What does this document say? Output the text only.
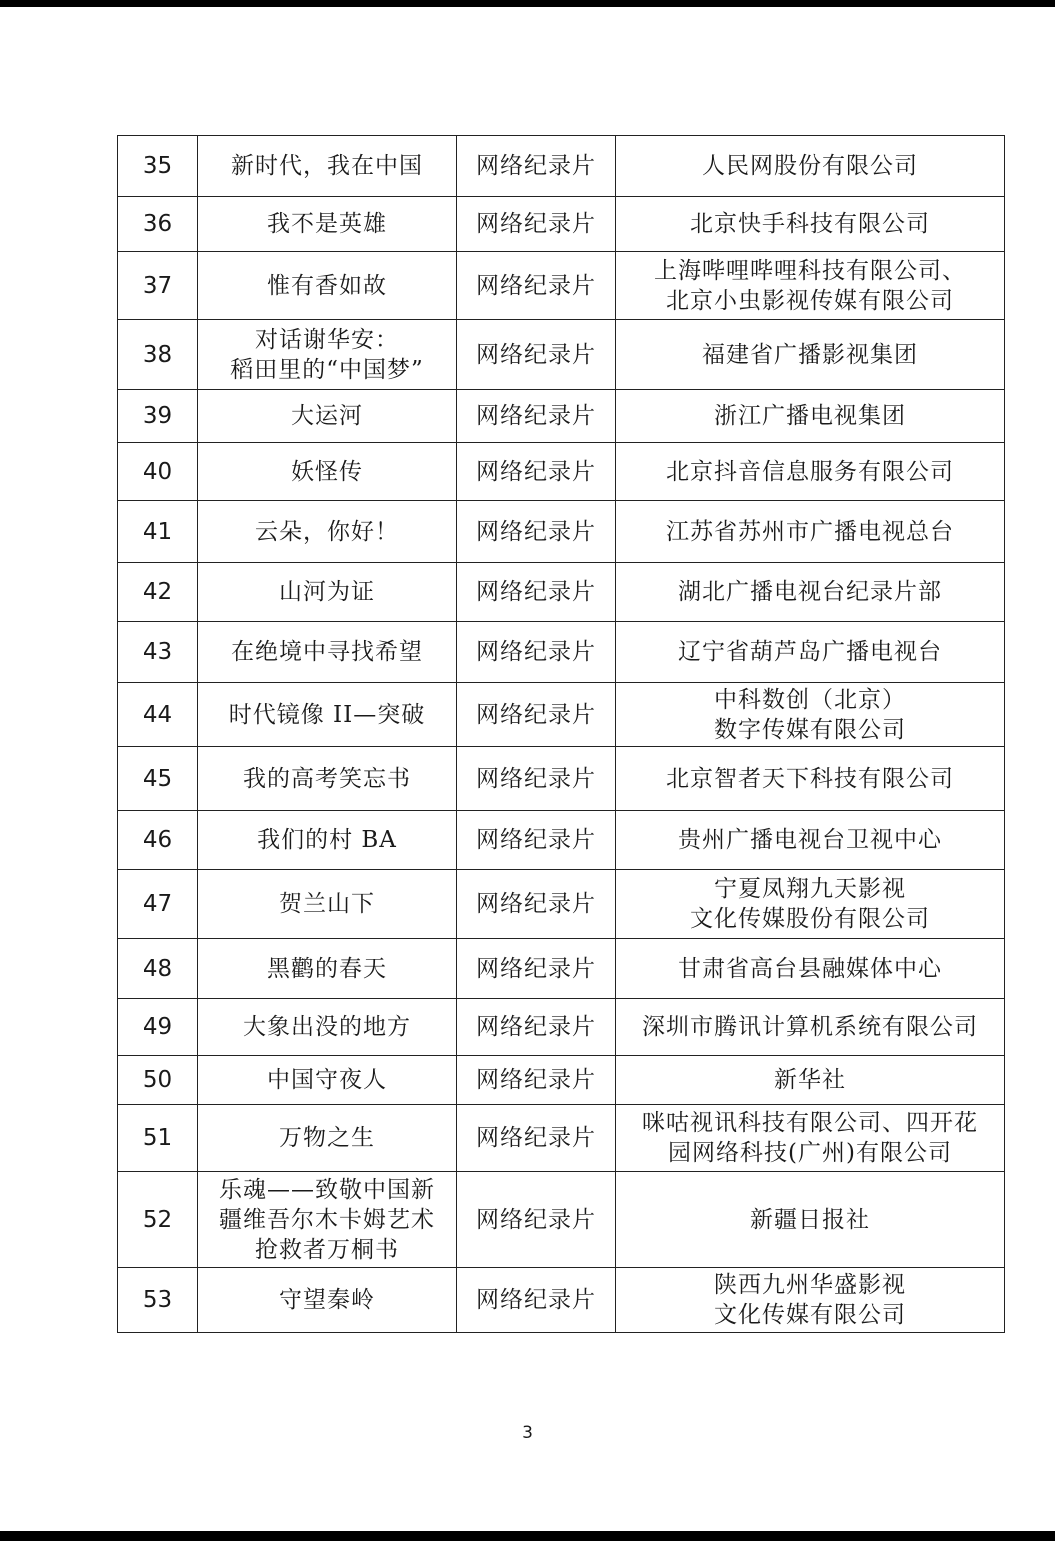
35	新时代，我在中国	网络纪录片	人民网股份有限公司
36	我不是英雄	网络纪录片	北京快手科技有限公司
37	惟有香如故	网络纪录片	上海哔哩哔哩科技有限公司、
北京小虫影视传媒有限公司
38	对话谢华安：
稻田里的“中国梦”	网络纪录片	福建省广播影视集团
39	大运河	网络纪录片	浙江广播电视集团
40	妖怪传	网络纪录片	北京抖音信息服务有限公司
41	云朵，你好！	网络纪录片	江苏省苏州市广播电视总台
42	山河为证	网络纪录片	湖北广播电视台纪录片部
43	在绝境中寻找希望	网络纪录片	辽宁省葫芦岛广播电视台
44	时代镜像 II—突破	网络纪录片	中科数创（北京）
数字传媒有限公司
45	我的高考笑忘书	网络纪录片	北京智者天下科技有限公司
46	我们的村 BA	网络纪录片	贵州广播电视台卫视中心
47	贺兰山下	网络纪录片	宁夏凤翔九天影视
文化传媒股份有限公司
48	黑鹳的春天	网络纪录片	甘肃省高台县融媒体中心
49	大象出没的地方	网络纪录片	深圳市腾讯计算机系统有限公司
50	中国守夜人	网络纪录片	新华社
51	万物之生	网络纪录片	咪咕视讯科技有限公司、四开花
园网络科技(广州)有限公司
52	乐魂——致敬中国新
疆维吾尔木卡姆艺术
抢救者万桐书	网络纪录片	新疆日报社
53	守望秦岭	网络纪录片	陕西九州华盛影视
文化传媒有限公司
3
